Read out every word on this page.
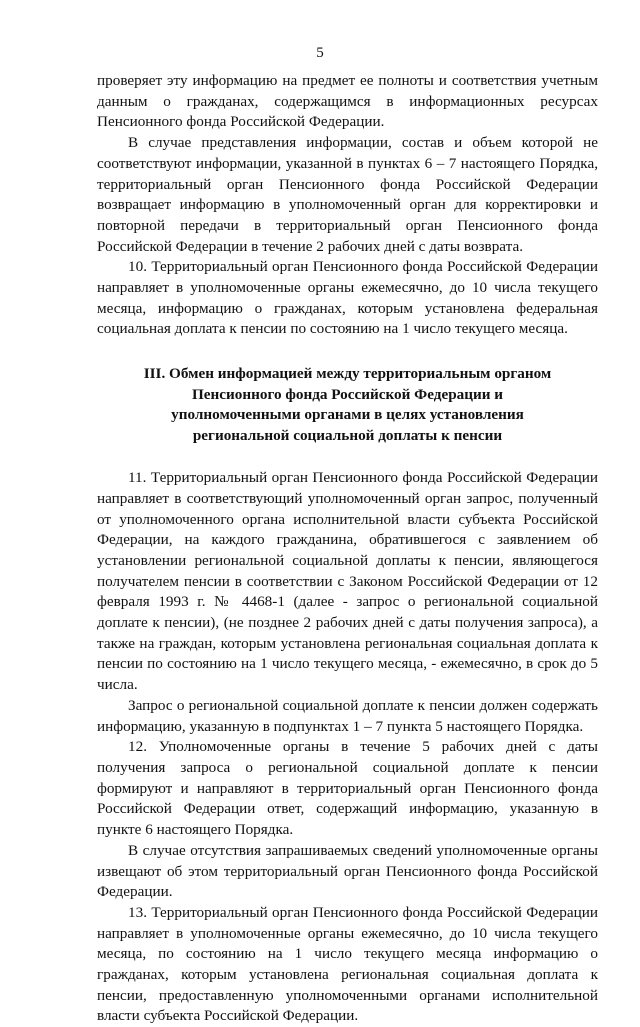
5

проверяет эту информацию на предмет ее полноты и соответствия учетным данным о гражданах, содержащимся в информационных ресурсах Пенсионного фонда Российской Федерации.

В случае представления информации, состав и объем которой не соответствуют информации, указанной в пунктах 6 – 7 настоящего Порядка, территориальный орган Пенсионного фонда Российской Федерации возвращает информацию в уполномоченный орган для корректировки и повторной передачи в территориальный орган Пенсионного фонда Российской Федерации в течение 2 рабочих дней с даты возврата.

10. Территориальный орган Пенсионного фонда Российской Федерации направляет в уполномоченные органы ежемесячно, до 10 числа текущего месяца, информацию о гражданах, которым установлена федеральная социальная доплата к пенсии по состоянию на 1 число текущего месяца.

III. Обмен информацией между территориальным органом Пенсионного фонда Российской Федерации и уполномоченными органами в целях установления региональной социальной доплаты к пенсии

11. Территориальный орган Пенсионного фонда Российской Федерации направляет в соответствующий уполномоченный орган запрос, полученный от уполномоченного органа исполнительной власти субъекта Российской Федерации, на каждого гражданина, обратившегося с заявлением об установлении региональной социальной доплаты к пенсии, являющегося получателем пенсии в соответствии с Законом Российской Федерации от 12 февраля 1993 г. № 4468-1 (далее - запрос о региональной социальной доплате к пенсии), (не позднее 2 рабочих дней с даты получения запроса), а также на граждан, которым установлена региональная социальная доплата к пенсии по состоянию на 1 число текущего месяца, - ежемесячно, в срок до 5 числа.

Запрос о региональной социальной доплате к пенсии должен содержать информацию, указанную в подпунктах 1 – 7 пункта 5 настоящего Порядка.

12. Уполномоченные органы в течение 5 рабочих дней с даты получения запроса о региональной социальной доплате к пенсии формируют и направляют в территориальный орган Пенсионного фонда Российской Федерации ответ, содержащий информацию, указанную в пункте 6 настоящего Порядка.

В случае отсутствия запрашиваемых сведений уполномоченные органы извещают об этом территориальный орган Пенсионного фонда Российской Федерации.

13. Территориальный орган Пенсионного фонда Российской Федерации направляет в уполномоченные органы ежемесячно, до 10 числа текущего месяца, по состоянию на 1 число текущего месяца информацию о гражданах, которым установлена региональная социальная доплата к пенсии, предоставленную уполномоченными органами исполнительной власти субъекта Российской Федерации.
